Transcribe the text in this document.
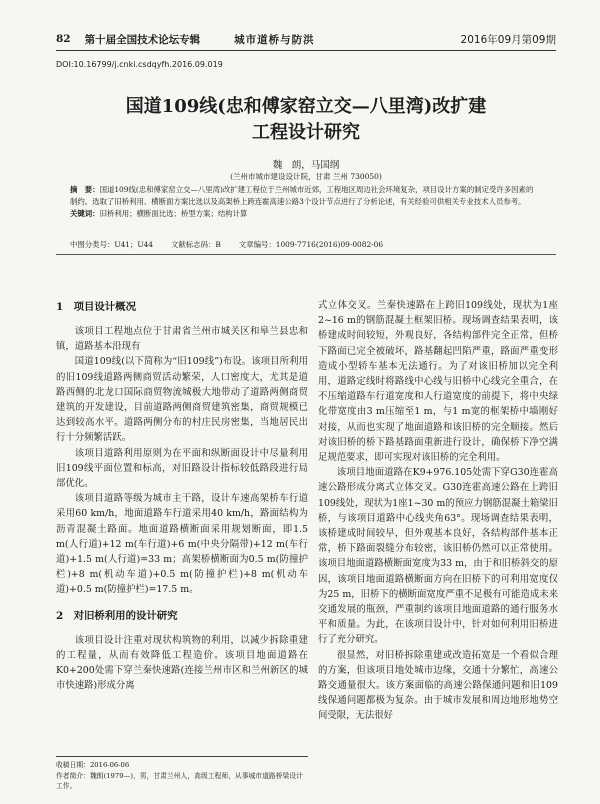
82 第十届全国技术论坛专辑	城市道桥与防洪	2016年09月第09期
DOI:10.16799/j.cnki.csdqyfh.2016.09.019
国道109线(忠和傅家窑立交—八里湾)改扩建
工程设计研究
魏　朗，马国纲
(兰州市城市建设设计院，甘肃 兰州 730050)
摘　要：国道109线(忠和傅家窑立交—八里湾)改扩建工程位于兰州城市近郊，工程地区周边社会环境复杂，项目设计方案的制定受许多因素的制约。选取了旧桥利用、横断面方案比选以及高架桥上跨连霍高速公路3个设计节点进行了分析论述，有关经验可供相关专业技术人员参考。
关键词：旧桥利用；横断面比选；桥型方案；结构计算
中图分类号：U41；U44 文献标志码：B 文章编号：1009-7716(2016)09-0082-06
1　项目设计概况

该项目工程地点位于甘肃省兰州市城关区和皋兰县忠和镇，道路基本沿现有

国道109线(以下简称为“旧109线”)布设。该项目所利用的旧109线道路两侧商贸活动繁荣，人口密度大，尤其是道路西侧的北龙口国际商贸物流城极大地带动了道路两侧商贸建筑的开发建设，目前道路两侧商贸建筑密集，商贸规模已达到较高水平。道路两侧分布的村庄民房密集，当地居民出行十分频繁活跃。

该项目道路利用原则为在平面和纵断面设计中尽量利用旧109线平面位置和标高，对旧路设计指标较低路段进行局部优化。

该项目道路等级为城市主干路，设计车速高架桥车行道采用60 km/h，地面道路车行道采用40 km/h，路面结构为沥青混凝土路面。地面道路横断面采用规划断面，即1.5 m(人行道)+12 m(车行道)+6 m(中央分隔带)+12 m(车行道)+1.5 m(人行道)=33 m；高架桥横断面为0.5 m(防撞护栏)+8 m(机动车道)+0.5 m(防撞护栏)+8 m(机动车道)+0.5 m(防撞护栏)=17.5 m。

2　对旧桥利用的设计研究

该项目设计注重对现状构筑物的利用，以减少拆除重建的工程量，从而有效降低工程造价。该项目地面道路在K0+200处需下穿兰秦快速路(连接兰州市区和兰州新区的城市快速路)形成分离

式立体交叉。兰秦快速路在上跨旧109线处，现状为1座2~16 m的钢筋混凝土框架旧桥。现场调查结果表明，该桥建成时间较短，外观良好，各结构部件完全正常，但桥下路面已完全被破坏，路基翻起凹陷严重，路面严重变形造成小型轿车基本无法通行。为了对该旧桥加以完全利用，道路定线时将路线中心线与旧桥中心线完全重合，在不压缩道路车行道宽度和人行道宽度的前提下，将中央绿化带宽度由3 m压缩至1 m，与1 m宽的框架桥中墙刚好对接，从而也实现了地面道路和该旧桥的完全顺接。然后对该旧桥的桥下路基路面重新进行设计，确保桥下净空满足规范要求，即可实现对该旧桥的完全利用。

该项目地面道路在K9+976.105处需下穿G30连霍高速公路形成分离式立体交叉。G30连霍高速公路在上跨旧109线处，现状为1座1~30 m的预应力钢筋混凝土箱梁旧桥，与该项目道路中心线夹角63°。现场调查结果表明，该桥建成时间较早，但外观基本良好，各结构部件基本正常，桥下路面裂缝分布较密，该旧桥仍然可以正常使用。该项目地面道路横断面宽度为33 m，由于和旧桥斜交的原因，该项目地面道路横断面方向在旧桥下的可利用宽度仅为25 m，旧桥下的横断面宽度严重不足极有可能造成未来交通发展的瓶颈，严重制约该项目地面道路的通行服务水平和质量。为此，在该项目设计中，针对如何利用旧桥进行了充分研究。

很显然，对旧桥拆除重建或改造拓宽是一个看似合理的方案，但该项目地处城市边缘，交通十分繁忙，高速公路交通量很大。该方案面临的高速公路保通问题和旧109线保通问题都极为复杂。由于城市发展和周边地形地势空间受限，无法很好

收稿日期：2016-06-06
作者简介：魏朗(1979—)，男，甘肃兰州人，高级工程师，从事城市道路桥梁设计工作。
